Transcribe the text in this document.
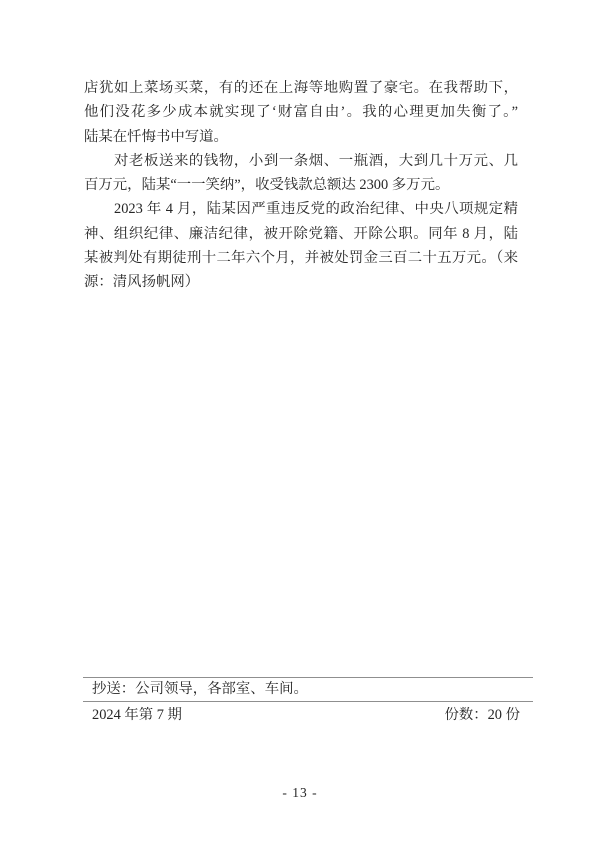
店犹如上菜场买菜，有的还在上海等地购置了豪宅。在我帮助下，

他们没花多少成本就实现了‘财富自由’。我的心理更加失衡了。”

陆某在忏悔书中写道。

对老板送来的钱物，小到一条烟、一瓶酒，大到几十万元、几

百万元，陆某“一一笑纳”，收受钱款总额达 2300 多万元。

2023 年 4 月，陆某因严重违反党的政治纪律、中央八项规定精

神、组织纪律、廉洁纪律，被开除党籍、开除公职。同年 8 月，陆

某被判处有期徒刑十二年六个月，并被处罚金三百二十五万元。（来

源：清风扬帆网）

抄送：公司领导，各部室、车间。
2024 年第 7 期	份数：20 份
- 13 -
